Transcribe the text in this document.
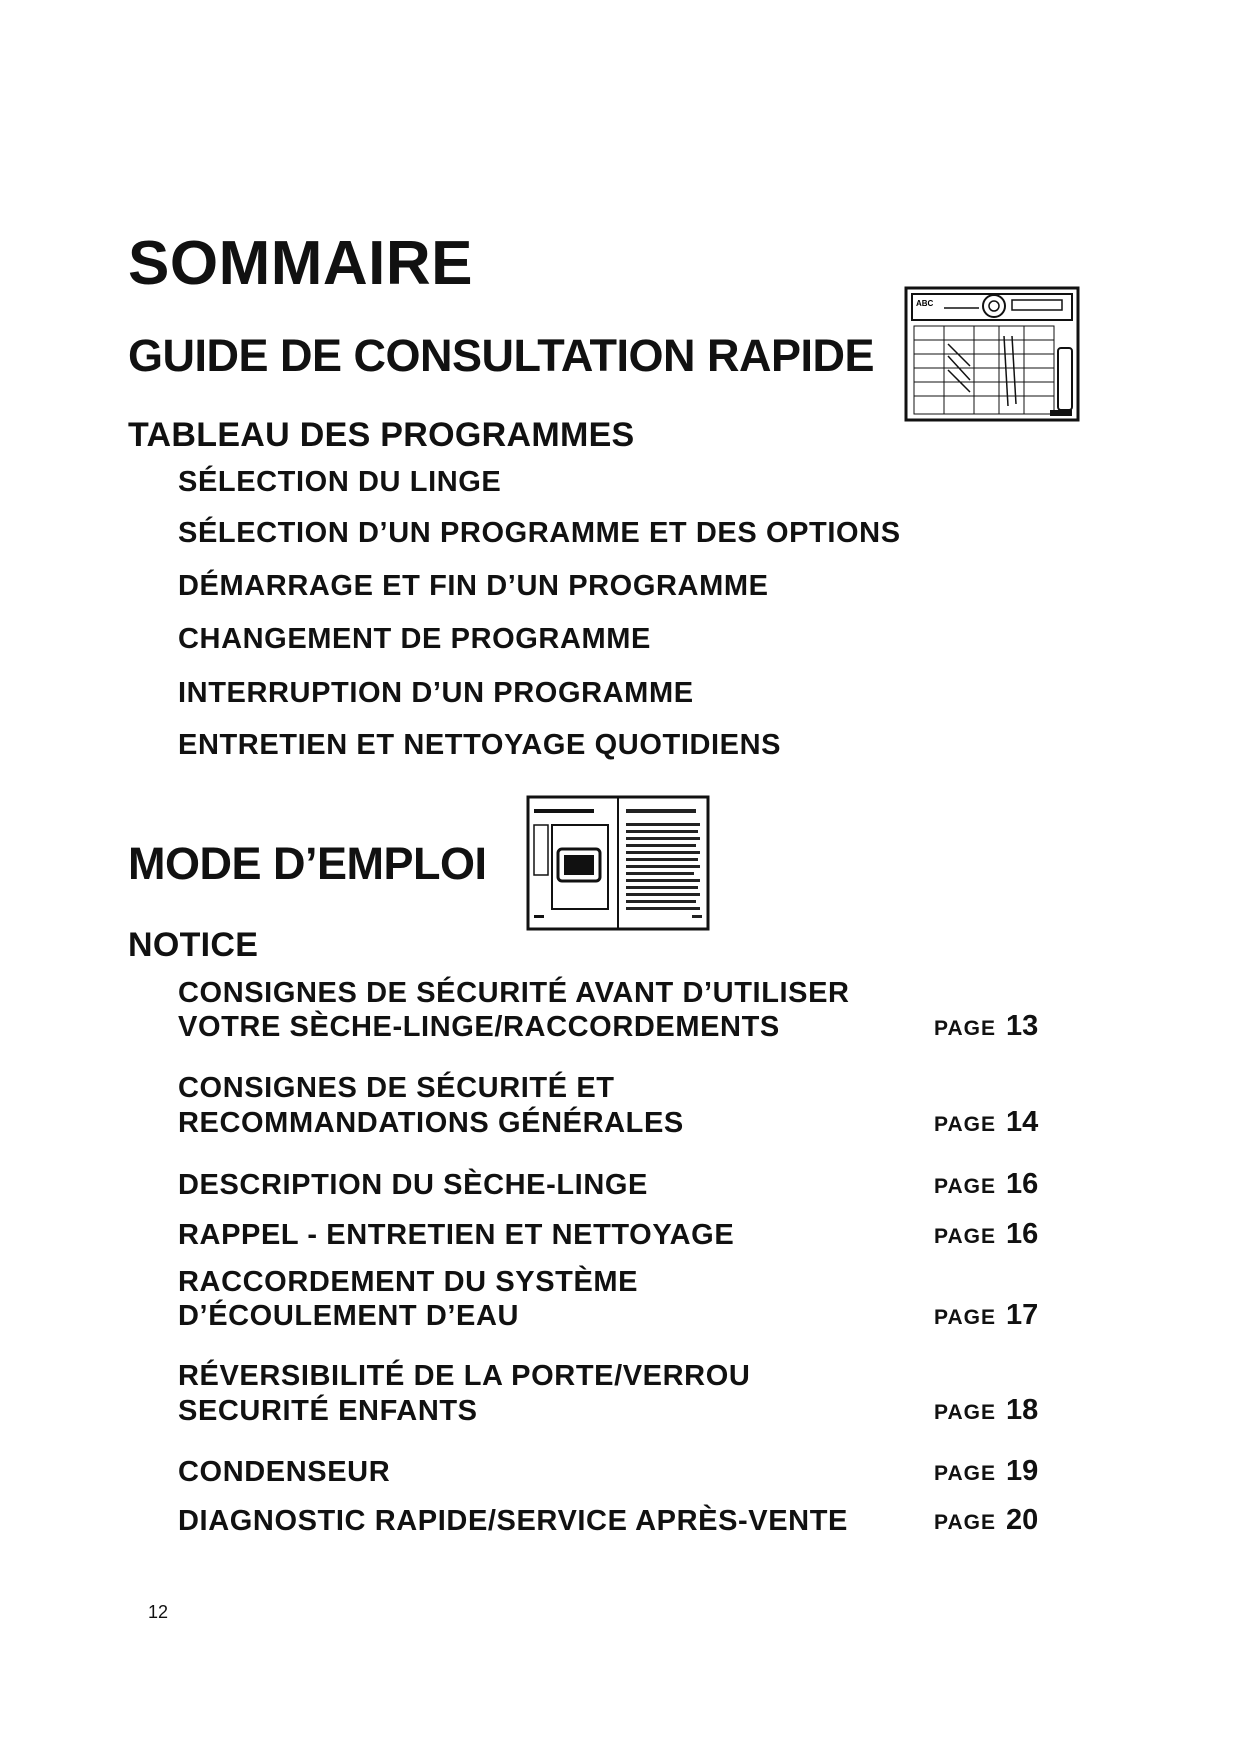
SOMMAIRE
GUIDE DE CONSULTATION RAPIDE
ABC
TABLEAU DES PROGRAMMES
SÉLECTION DU LINGE
SÉLECTION D’UN PROGRAMME ET DES OPTIONS
DÉMARRAGE ET FIN D’UN PROGRAMME
CHANGEMENT DE PROGRAMME
INTERRUPTION D’UN PROGRAMME
ENTRETIEN ET NETTOYAGE QUOTIDIENS
MODE D’EMPLOI
NOTICE
CONSIGNES DE SÉCURITÉ AVANT D’UTILISER
VOTRE SÈCHE-LINGE/RACCORDEMENTS	PAGE 13
CONSIGNES DE SÉCURITÉ ET
RECOMMANDATIONS GÉNÉRALES	PAGE 14
DESCRIPTION DU SÈCHE-LINGE	PAGE 16
RAPPEL - ENTRETIEN ET NETTOYAGE	PAGE 16
RACCORDEMENT DU SYSTÈME
D’ÉCOULEMENT D’EAU	PAGE 17
RÉVERSIBILITÉ DE LA PORTE/VERROU
SECURITÉ ENFANTS	PAGE 18
CONDENSEUR	PAGE 19
DIAGNOSTIC RAPIDE/SERVICE APRÈS-VENTE	PAGE 20
12
